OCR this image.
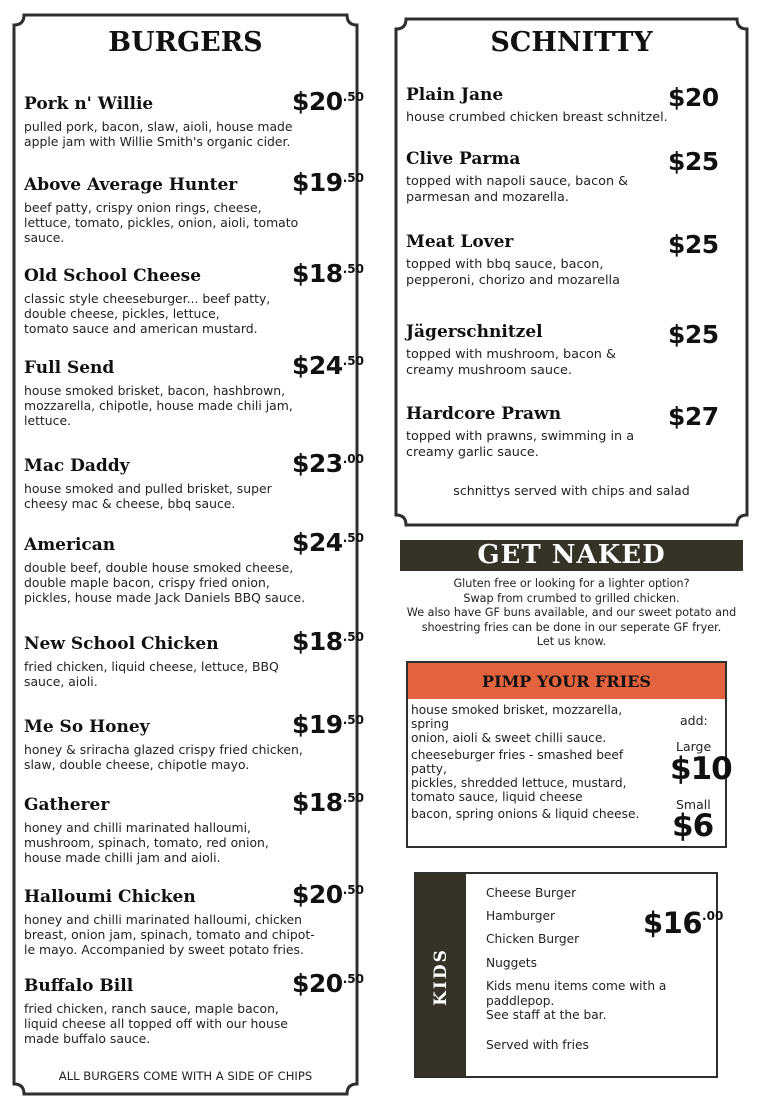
BURGERS
Pork n' Willie
pulled pork, bacon, slaw, aioli, house made
apple jam with Willie Smith's organic cider.
$\$20^{.50}$
Above Average Hunter
beef patty, crispy onion rings, cheese,
lettuce, tomato, pickles, onion, aioli, tomato
sauce.
$\$19^{.50}$
Old School Cheese
classic style cheeseburger... beef patty,
double cheese, pickles, lettuce,
tomato sauce and american mustard.
$\$18^{.50}$
Full Send
house smoked brisket, bacon, hashbrown,
mozzarella, chipotle, house made chili jam,
lettuce.
$\$24^{.50}$
Mac Daddy
house smoked and pulled brisket, super
cheesy mac & cheese, bbq sauce.
$\$23^{.00}$
American
double beef, double house smoked cheese,
double maple bacon, crispy fried onion,
pickles, house made Jack Daniels BBQ sauce.
$\$24^{.50}$
New School Chicken
fried chicken, liquid cheese, lettuce, BBQ
sauce, aioli.
$\$18^{.50}$
Me So Honey
honey & sriracha glazed crispy fried chicken,
slaw, double cheese, chipotle mayo.
$\$19^{.50}$
Gatherer
honey and chilli marinated halloumi,
mushroom, spinach, tomato, red onion,
house made chilli jam and aioli.
$\$18^{.50}$
Halloumi Chicken
honey and chilli marinated halloumi, chicken
breast, onion jam, spinach, tomato and chipot-
le mayo. Accompanied by sweet potato fries.
$\$20^{.50}$
Buffalo Bill
fried chicken, ranch sauce, maple bacon,
liquid cheese all topped off with our house
made buffalo sauce.
$\$20^{.50}$
ALL BURGERS COME WITH A SIDE OF CHIPS
SCHNITTY
Plain Jane
house crumbed chicken breast schnitzel.
$20
Clive Parma
topped with napoli sauce, bacon &
parmesan and mozarella.
$25
Meat Lover
topped with bbq sauce, bacon,
pepperoni, chorizo and mozarella
$25
Jägerschnitzel
topped with mushroom, bacon &
creamy mushroom sauce.
$25
Hardcore Prawn
topped with prawns, swimming in a
creamy garlic sauce.
$27
schnittys served with chips and salad
GET NAKED
Gluten free or looking for a lighter option?
Swap from crumbed to grilled chicken.
We also have GF buns available, and our sweet potato and
shoestring fries can be done in our seperate GF fryer.
Let us know.
PIMP YOUR FRIES
house smoked brisket, mozzarella, spring
onion, aioli & sweet chilli sauce.
cheeseburger fries - smashed beef patty,
pickles, shredded lettuce, mustard,
tomato sauce, liquid cheese
bacon, spring onions & liquid cheese.
add:
Large
$10
Small
$6
KIDS
Cheese Burger
Hamburger
Chicken Burger
Nuggets
Kids menu items come with a
paddlepop.
See staff at the bar.
Served with fries
$\$16^{.00}$
